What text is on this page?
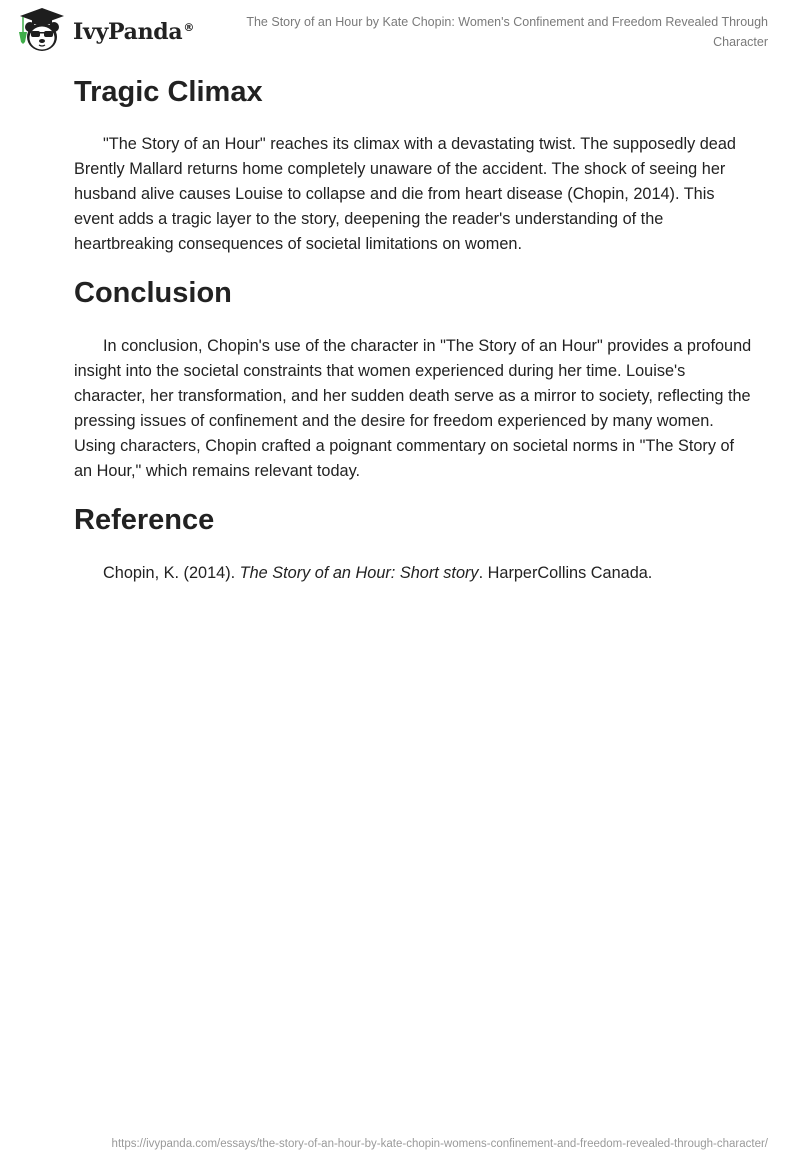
IvyPanda®	The Story of an Hour by Kate Chopin: Women's Confinement and Freedom Revealed Through Character
Tragic Climax

"The Story of an Hour" reaches its climax with a devastating twist. The supposedly dead Brently Mallard returns home completely unaware of the accident. The shock of seeing her husband alive causes Louise to collapse and die from heart disease (Chopin, 2014). This event adds a tragic layer to the story, deepening the reader's understanding of the heartbreaking consequences of societal limitations on women.

Conclusion

In conclusion, Chopin's use of the character in "The Story of an Hour" provides a profound insight into the societal constraints that women experienced during her time. Louise's character, her transformation, and her sudden death serve as a mirror to society, reflecting the pressing issues of confinement and the desire for freedom experienced by many women. Using characters, Chopin crafted a poignant commentary on societal norms in "The Story of an Hour," which remains relevant today.

Reference

Chopin, K. (2014). The Story of an Hour: Short story. HarperCollins Canada.

https://ivypanda.com/essays/the-story-of-an-hour-by-kate-chopin-womens-confinement-and-freedom-revealed-through-character/
